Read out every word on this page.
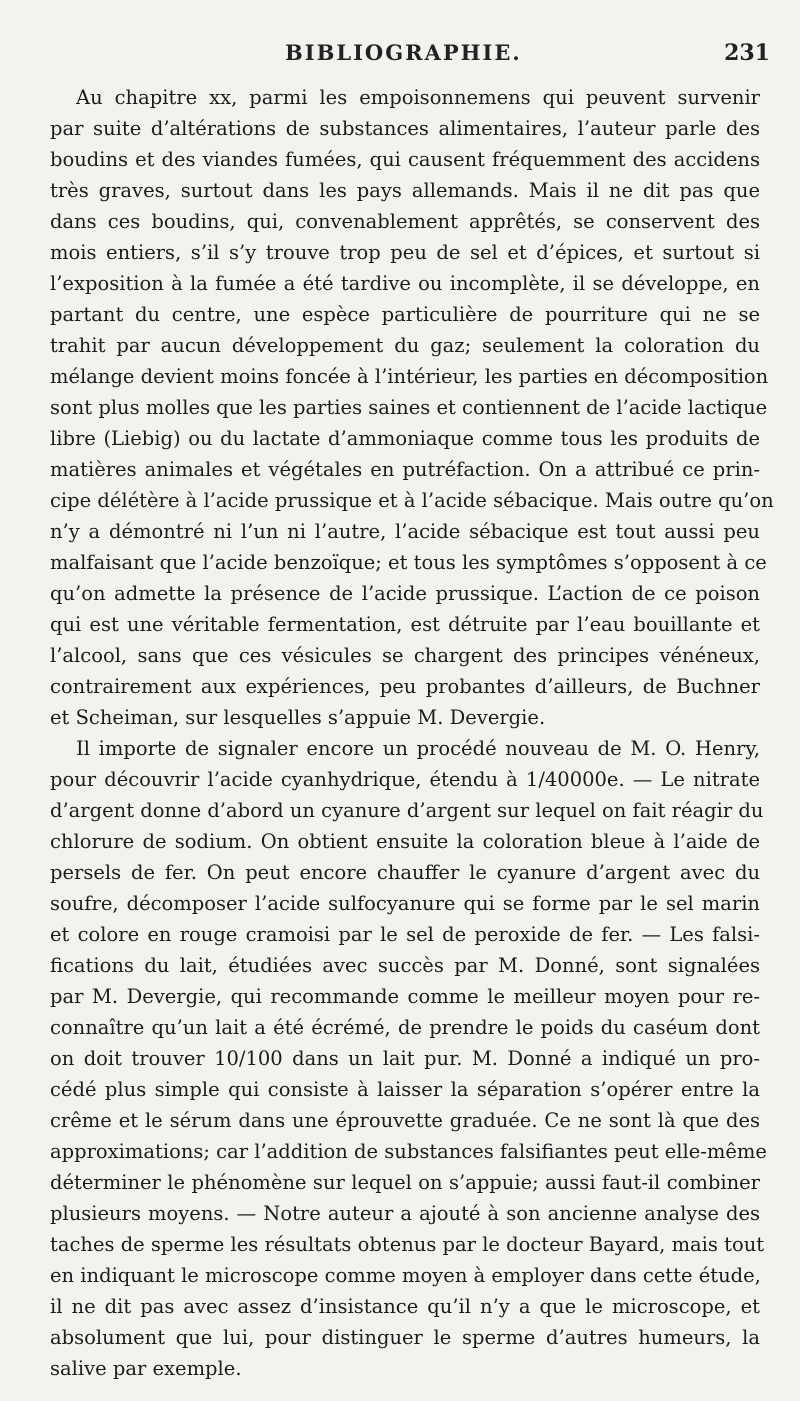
BIBLIOGRAPHIE.	231
Au chapitre xx, parmi les empoisonnemens qui peuvent survenir
par suite d’altérations de substances alimentaires, l’auteur parle des
boudins et des viandes fumées, qui causent fréquemment des accidens
très graves, surtout dans les pays allemands. Mais il ne dit pas que
dans ces boudins, qui, convenablement apprêtés, se conservent des
mois entiers, s’il s’y trouve trop peu de sel et d’épices, et surtout si
l’exposition à la fumée a été tardive ou incomplète, il se développe, en
partant du centre, une espèce particulière de pourriture qui ne se
trahit par aucun développement du gaz; seulement la coloration du
mélange devient moins foncée à l’intérieur, les parties en décomposition
sont plus molles que les parties saines et contiennent de l’acide lactique
libre (Liebig) ou du lactate d’ammoniaque comme tous les produits de
matières animales et végétales en putréfaction. On a attribué ce prin-
cipe délétère à l’acide prussique et à l’acide sébacique. Mais outre qu’on
n’y a démontré ni l’un ni l’autre, l’acide sébacique est tout aussi peu
malfaisant que l’acide benzoïque; et tous les symptômes s’opposent à ce
qu’on admette la présence de l’acide prussique. L’action de ce poison
qui est une véritable fermentation, est détruite par l’eau bouillante et
l’alcool, sans que ces vésicules se chargent des principes vénéneux,
contrairement aux expériences, peu probantes d’ailleurs, de Buchner
et Scheiman, sur lesquelles s’appuie M. Devergie.
Il importe de signaler encore un procédé nouveau de M. O. Henry,
pour découvrir l’acide cyanhydrique, étendu à 1/40000e. — Le nitrate
d’argent donne d’abord un cyanure d’argent sur lequel on fait réagir du
chlorure de sodium. On obtient ensuite la coloration bleue à l’aide de
persels de fer. On peut encore chauffer le cyanure d’argent avec du
soufre, décomposer l’acide sulfocyanure qui se forme par le sel marin
et colore en rouge cramoisi par le sel de peroxide de fer. — Les falsi-
fications du lait, étudiées avec succès par M. Donné, sont signalées
par M. Devergie, qui recommande comme le meilleur moyen pour re-
connaître qu’un lait a été écrémé, de prendre le poids du caséum dont
on doit trouver 10/100 dans un lait pur. M. Donné a indiqué un pro-
cédé plus simple qui consiste à laisser la séparation s’opérer entre la
crême et le sérum dans une éprouvette graduée. Ce ne sont là que des
approximations; car l’addition de substances falsifiantes peut elle-même
déterminer le phénomène sur lequel on s’appuie; aussi faut-il combiner
plusieurs moyens. — Notre auteur a ajouté à son ancienne analyse des
taches de sperme les résultats obtenus par le docteur Bayard, mais tout
en indiquant le microscope comme moyen à employer dans cette étude,
il ne dit pas avec assez d’insistance qu’il n’y a que le microscope, et
absolument que lui, pour distinguer le sperme d’autres humeurs, la
salive par exemple.
